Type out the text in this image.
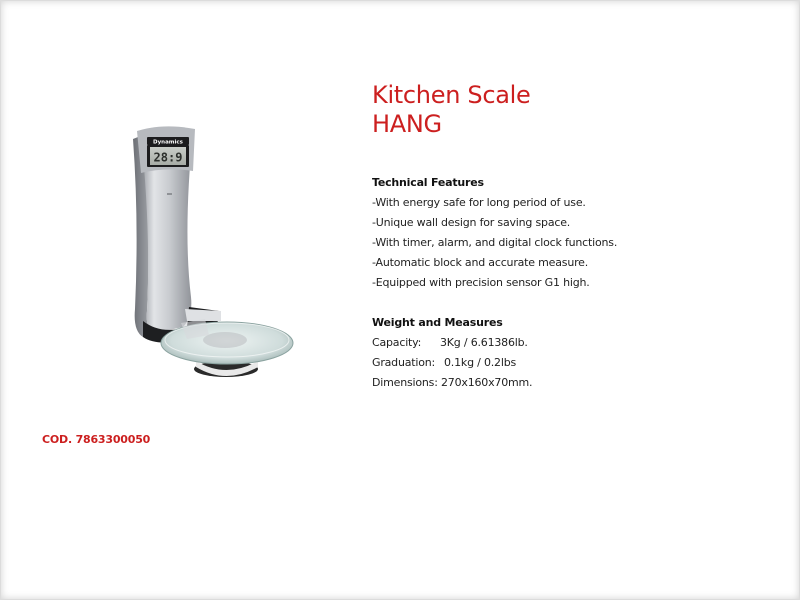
Dynamics
28:9
Kitchen Scale
HANG
Technical Features
-With energy safe for long period of use.
-Unique wall design for saving space.
-With timer, alarm, and digital clock functions.
-Automatic block and accurate measure.
-Equipped with precision sensor G1 high.
Weight and Measures
Capacity: 3Kg / 6.61386lb.
Graduation: 0.1kg / 0.2lbs
Dimensions: 270x160x70mm.
COD. 7863300050
